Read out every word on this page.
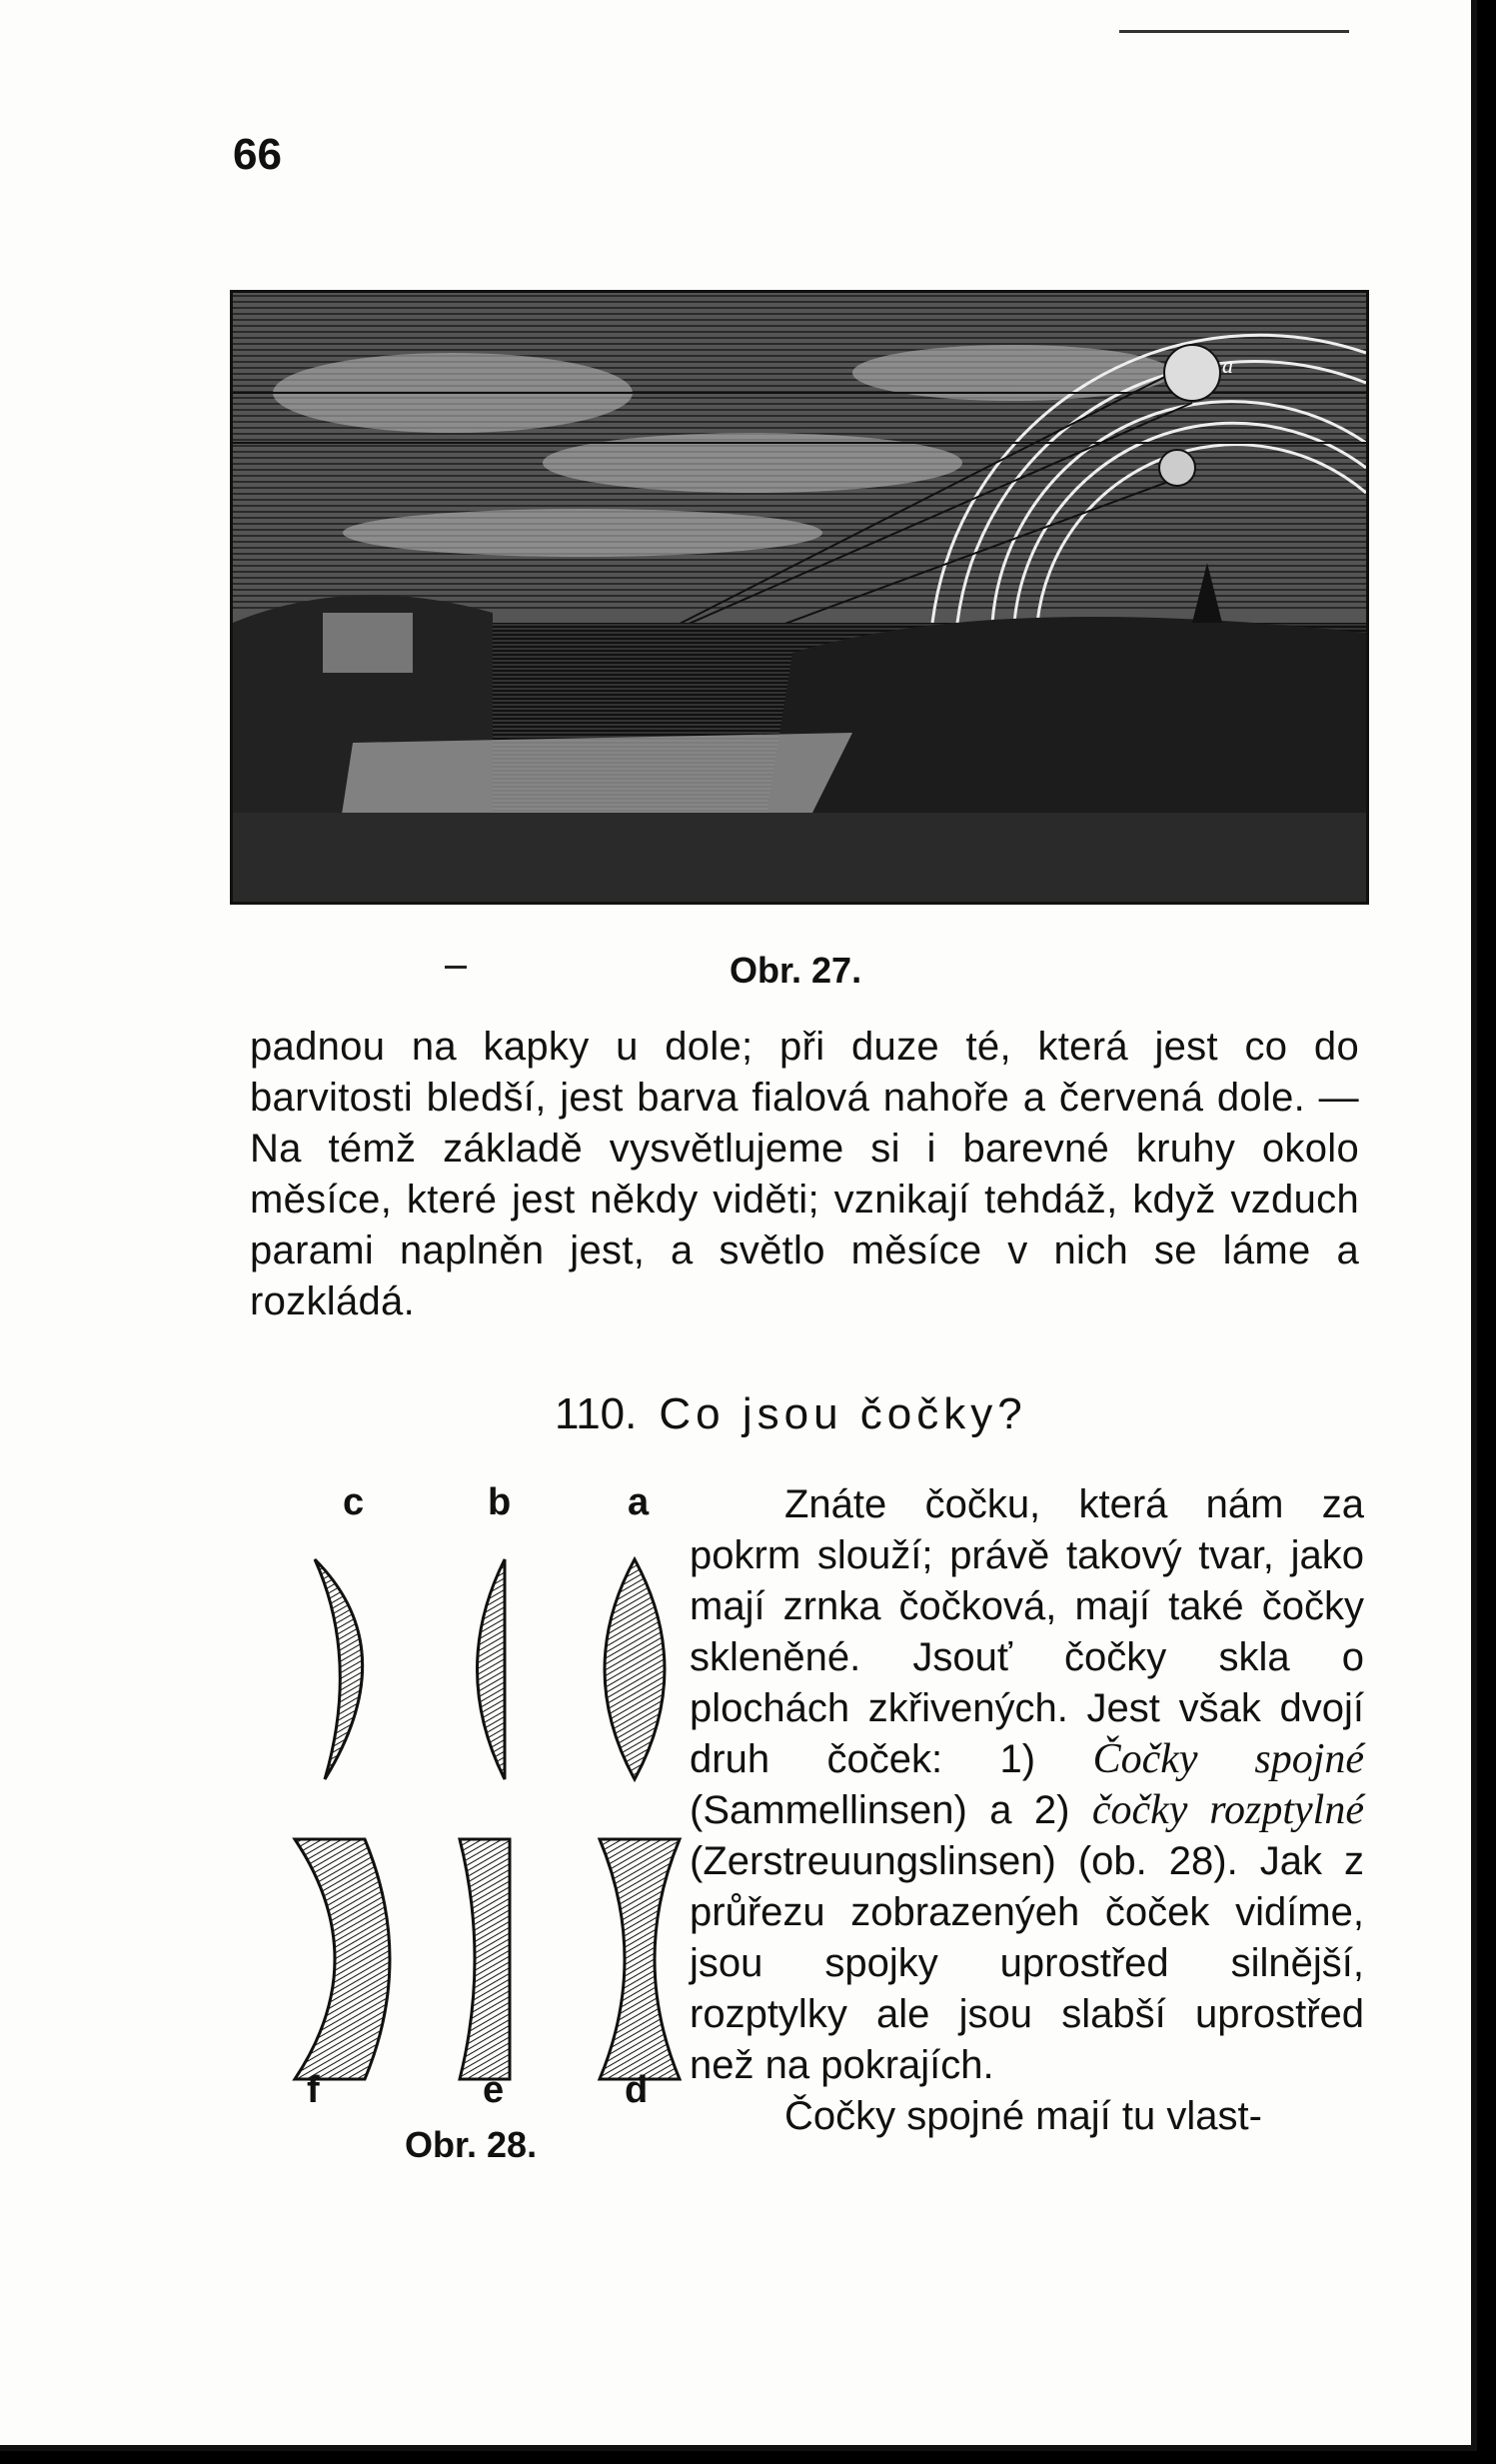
66
a
Obr. 27.

padnou na kapky u dole; při duze té, která jest co do barvitosti bledší, jest barva fialová nahoře a červená dole. — Na témž základě vysvětlujeme si i barevné kruhy okolo měsíce, které jest někdy viděti; vznikají tehdáž, když vzduch parami naplněn jest, a světlo měsíce v nich se láme a rozkládá.

110. Co jsou čočky?
c	b	a
f	e	d
Obr. 28.

Znáte čočku, která nám za pokrm slouží; právě takový tvar, jako mají zrnka čočková, mají také čočky skleněné. Jsouť čočky skla o plochách zkřivených. Jest však dvojí druh čoček: 1) Čočky spojné (Sammellinsen) a 2) čočky rozptylné (Zerstreuungslinsen) (ob. 28). Jak z průřezu zobrazenýeh čoček vidíme, jsou spojky uprostřed silnější, rozptylky ale jsou slabší uprostřed než na pokrajích.

Čočky spojné mají tu vlast-
